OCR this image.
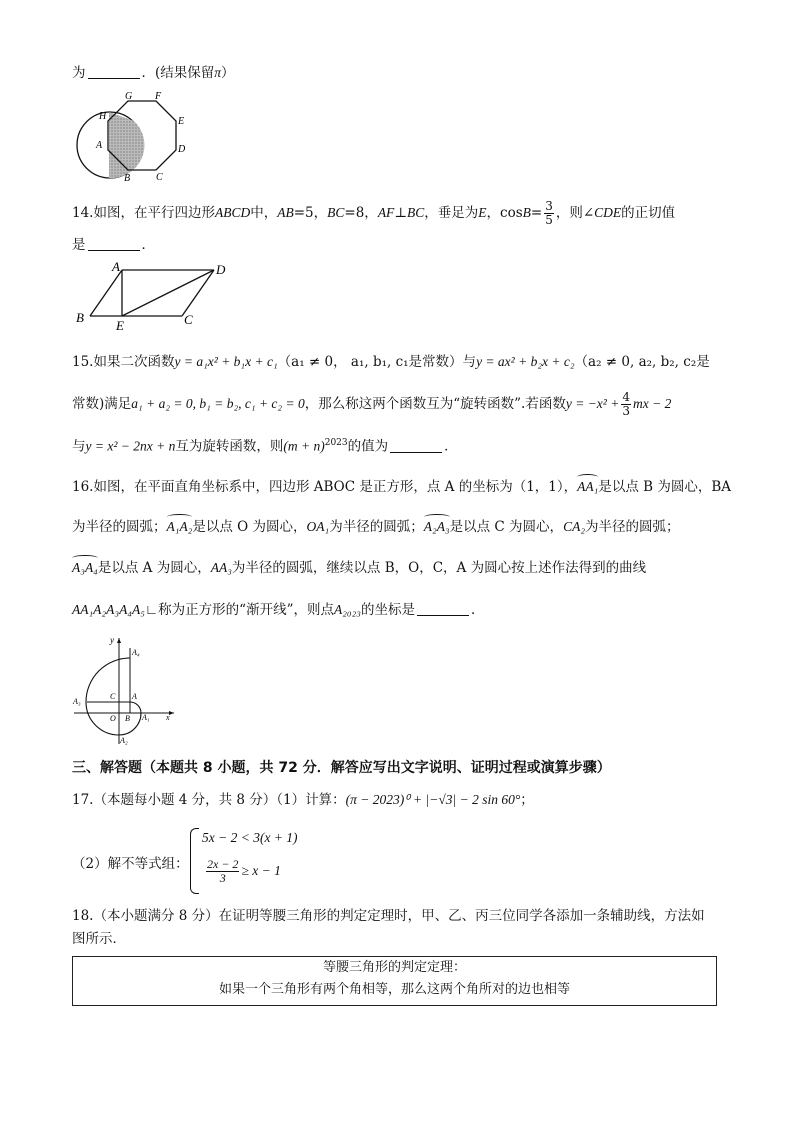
为	．(结果保留π）
G F
E
D
C
B
A
H
14.如图，在平行四边形ABCD中，AB=5，BC=8，AF⊥BC，垂足为E，$\cos B= \frac{3}{5}$ ，则∠CDE的正切值
是	．
A	D
B
E	C
15.如果二次函数y = a₁x² + b₁x + c₁（a₁ ≠ 0， a₁, b₁, c₁是常数）与y = ax² + b₂x + c₂（a₂ ≠ 0, a₂, b₂, c₂是
常数)满足a₁ + a₂ = 0, b₁ = b₂, c₁ + c₂ = 0，那么称这两个函数互为“旋转函数”.若函数$y = -x^2 + \frac{4}{3}$ mx − 2
与y = x² − 2nx + n互为旋转函数，则$(m + n)^{2023}$的值为	．
16.如图，在平面直角坐标系中，四边形 ABOC 是正方形，点 A 的坐标为（1，1），AA₁是以点 B 为圆心，BA
为半径的圆弧；A₁A₂是以点 O 为圆心，OA₁为半径的圆弧；A₂A₃是以点 C 为圆心，CA₂为半径的圆弧；
A₃A₄是以点 A 为圆心，AA₃为半径的圆弧，继续以点 B，O，C，A 为圆心按上述作法得到的曲线
AA₁A₂A₃A₄A₅∟称为正方形的“渐开线”，则点A₂₀₂₃的坐标是	．
y
A₄
C A
A₃
O B A₁ x
A₂
三、解答题（本题共 8 小题，共 72 分．解答应写出文字说明、证明过程或演算步骤）
17.（本题每小题 4 分，共 8 分）（1）计算：(π − 2023)⁰ + |−√3| − 2 sin 60°；
（2）解不等式组：
5x − 2 < 3(x + 1)
$\frac{2x - 2}{3} \ge x - 1$
18.（本小题满分 8 分）在证明等腰三角形的判定定理时，甲、乙、丙三位同学各添加一条辅助线，方法如
图所示．
等腰三角形的判定定理：
如果一个三角形有两个角相等，那么这两个角所对的边也相等
